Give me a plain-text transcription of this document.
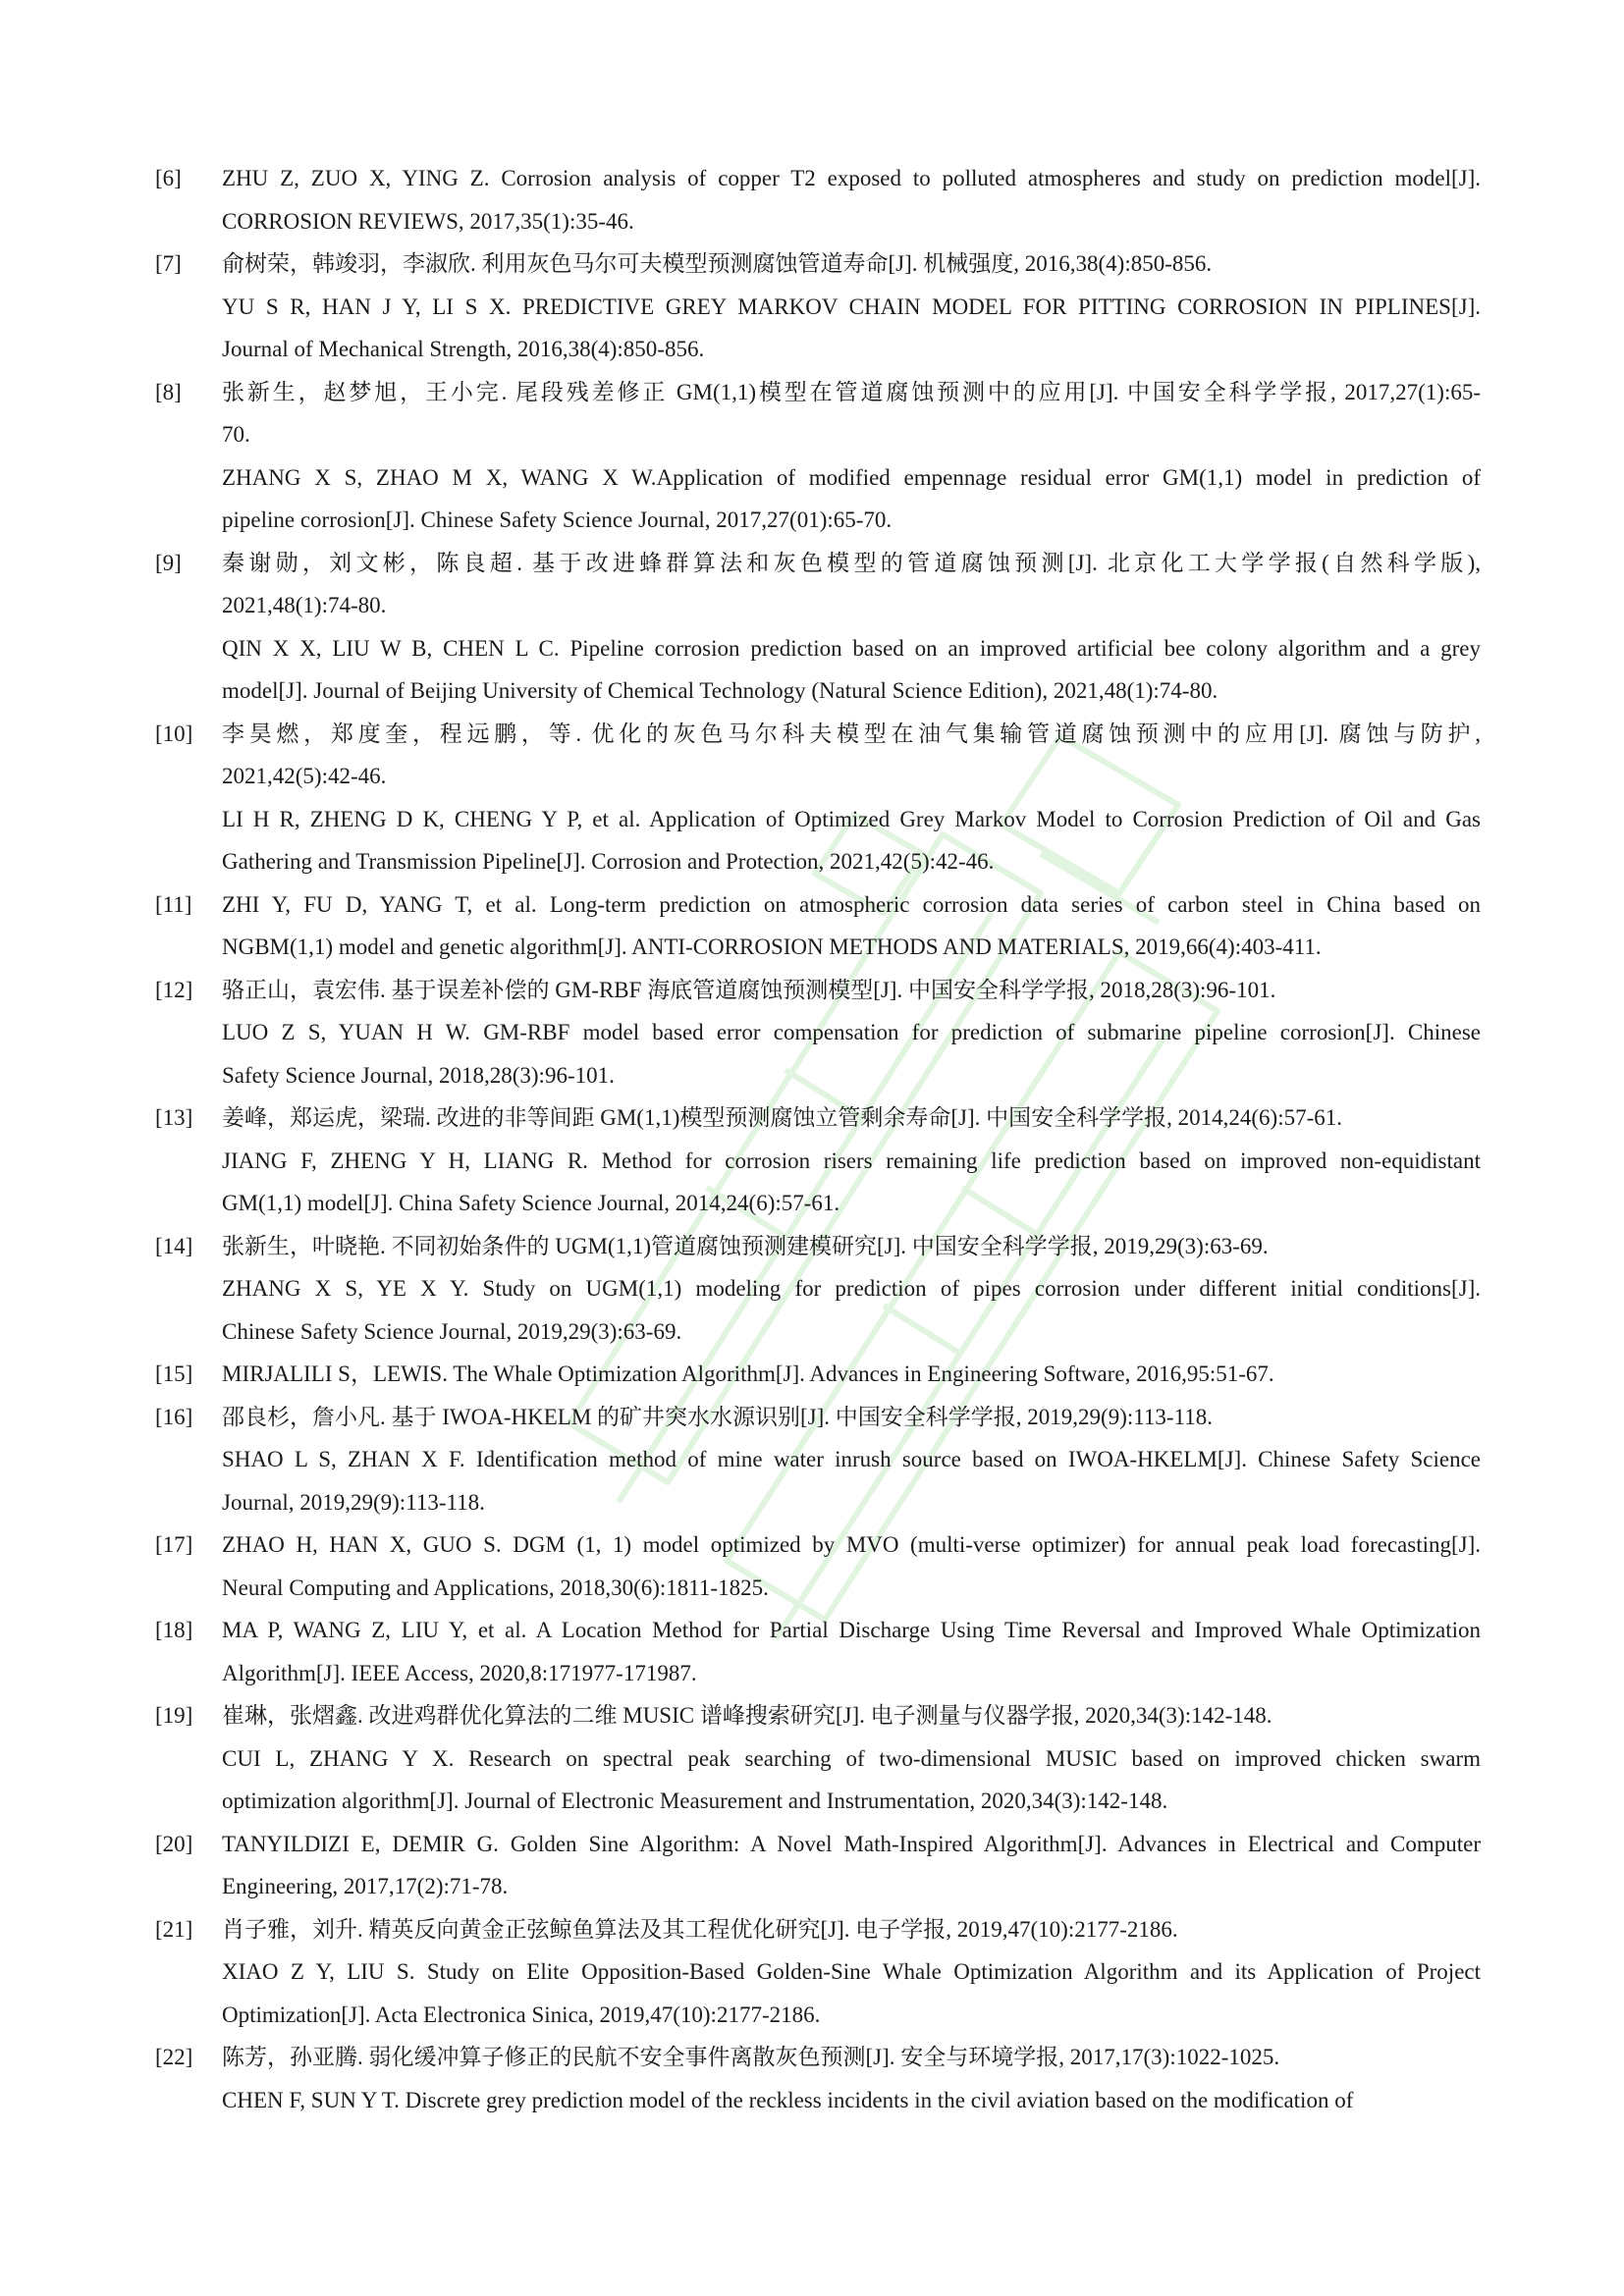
[6]	ZHU Z, ZUO X, YING Z. Corrosion analysis of copper T2 exposed to polluted atmospheres and study on prediction model[J].
CORROSION REVIEWS, 2017,35(1):35-46.
[7]	俞树荣，韩竣羽，李淑欣. 利用灰色马尔可夫模型预测腐蚀管道寿命[J]. 机械强度, 2016,38(4):850-856.
YU S R, HAN J Y, LI S X. PREDICTIVE GREY MARKOV CHAIN MODEL FOR PITTING CORROSION IN PIPLINES[J].
Journal of Mechanical Strength, 2016,38(4):850-856.
[8]	张新生，赵梦旭，王小完. 尾段残差修正 GM(1,1)模型在管道腐蚀预测中的应用[J]. 中国安全科学学报, 2017,27(1):65-
70.
ZHANG X S, ZHAO M X, WANG X W.Application of modified empennage residual error GM(1,1) model in prediction of
pipeline corrosion[J]. Chinese Safety Science Journal, 2017,27(01):65-70.
[9]	秦谢勋，刘文彬，陈良超. 基于改进蜂群算法和灰色模型的管道腐蚀预测[J]. 北京化工大学学报(自然科学版),
2021,48(1):74-80.
QIN X X, LIU W B, CHEN L C. Pipeline corrosion prediction based on an improved artificial bee colony algorithm and a grey
model[J]. Journal of Beijing University of Chemical Technology (Natural Science Edition), 2021,48(1):74-80.
[10]	李昊燃，郑度奎，程远鹏，等. 优化的灰色马尔科夫模型在油气集输管道腐蚀预测中的应用[J]. 腐蚀与防护,
2021,42(5):42-46.
LI H R, ZHENG D K, CHENG Y P, et al. Application of Optimized Grey Markov Model to Corrosion Prediction of Oil and Gas
Gathering and Transmission Pipeline[J]. Corrosion and Protection, 2021,42(5):42-46.
[11]	ZHI Y, FU D, YANG T, et al. Long-term prediction on atmospheric corrosion data series of carbon steel in China based on
NGBM(1,1) model and genetic algorithm[J]. ANTI-CORROSION METHODS AND MATERIALS, 2019,66(4):403-411.
[12]	骆正山，袁宏伟. 基于误差补偿的 GM-RBF 海底管道腐蚀预测模型[J]. 中国安全科学学报, 2018,28(3):96-101.
LUO Z S, YUAN H W. GM-RBF model based error compensation for prediction of submarine pipeline corrosion[J]. Chinese
Safety Science Journal, 2018,28(3):96-101.
[13]	姜峰，郑运虎，梁瑞. 改进的非等间距 GM(1,1)模型预测腐蚀立管剩余寿命[J]. 中国安全科学学报, 2014,24(6):57-61.
JIANG F, ZHENG Y H, LIANG R. Method for corrosion risers remaining life prediction based on improved non-equidistant
GM(1,1) model[J]. China Safety Science Journal, 2014,24(6):57-61.
[14]	张新生，叶晓艳. 不同初始条件的 UGM(1,1)管道腐蚀预测建模研究[J]. 中国安全科学学报, 2019,29(3):63-69.
ZHANG X S, YE X Y. Study on UGM(1,1) modeling for prediction of pipes corrosion under different initial conditions[J].
Chinese Safety Science Journal, 2019,29(3):63-69.
[15]	MIRJALILI S，LEWIS. The Whale Optimization Algorithm[J]. Advances in Engineering Software, 2016,95:51-67.
[16]	邵良杉，詹小凡. 基于 IWOA-HKELM 的矿井突水水源识别[J]. 中国安全科学学报, 2019,29(9):113-118.
SHAO L S, ZHAN X F. Identification method of mine water inrush source based on IWOA-HKELM[J]. Chinese Safety Science
Journal, 2019,29(9):113-118.
[17]	ZHAO H, HAN X, GUO S. DGM (1, 1) model optimized by MVO (multi-verse optimizer) for annual peak load forecasting[J].
Neural Computing and Applications, 2018,30(6):1811-1825.
[18]	MA P, WANG Z, LIU Y, et al. A Location Method for Partial Discharge Using Time Reversal and Improved Whale Optimization
Algorithm[J]. IEEE Access, 2020,8:171977-171987.
[19]	崔琳，张熠鑫. 改进鸡群优化算法的二维 MUSIC 谱峰搜索研究[J]. 电子测量与仪器学报, 2020,34(3):142-148.
CUI L, ZHANG Y X. Research on spectral peak searching of two-dimensional MUSIC based on improved chicken swarm
optimization algorithm[J]. Journal of Electronic Measurement and Instrumentation, 2020,34(3):142-148.
[20]	TANYILDIZI E, DEMIR G. Golden Sine Algorithm: A Novel Math-Inspired Algorithm[J]. Advances in Electrical and Computer
Engineering, 2017,17(2):71-78.
[21]	肖子雅，刘升. 精英反向黄金正弦鲸鱼算法及其工程优化研究[J]. 电子学报, 2019,47(10):2177-2186.
XIAO Z Y, LIU S. Study on Elite Opposition-Based Golden-Sine Whale Optimization Algorithm and its Application of Project
Optimization[J]. Acta Electronica Sinica, 2019,47(10):2177-2186.
[22]	陈芳，孙亚腾. 弱化缓冲算子修正的民航不安全事件离散灰色预测[J]. 安全与环境学报, 2017,17(3):1022-1025.
CHEN F, SUN Y T. Discrete grey prediction model of the reckless incidents in the civil aviation based on the modification of
